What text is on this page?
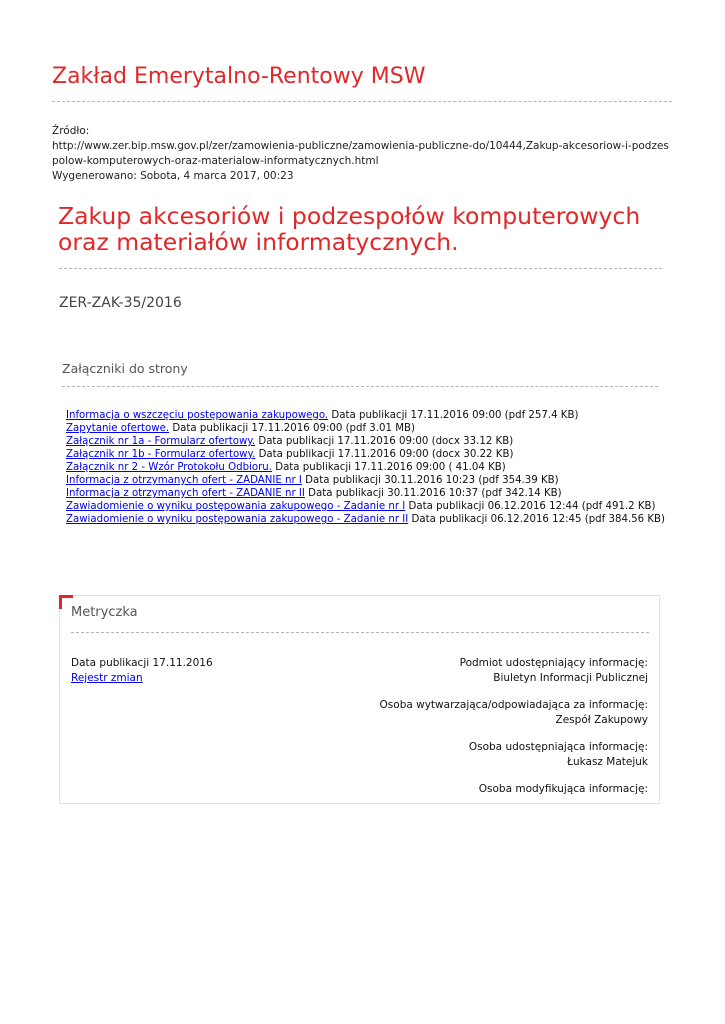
Zakład Emerytalno-Rentowy MSW
Źródło:
http://www.zer.bip.msw.gov.pl/zer/zamowienia-publiczne/zamowienia-publiczne-do/10444,Zakup-akcesoriow-i-podzes
polow-komputerowych-oraz-materialow-informatycznych.html
Wygenerowano: Sobota, 4 marca 2017, 00:23
Zakup akcesoriów i podzespołów komputerowych oraz materiałów informatycznych.
ZER-ZAK-35/2016
Załączniki do strony

Informacja o wszczęciu postępowania zakupowego. Data publikacji 17.11.2016 09:00 (pdf 257.4 KB)

Zapytanie ofertowe. Data publikacji 17.11.2016 09:00 (pdf 3.01 MB)

Załącznik nr 1a - Formularz ofertowy. Data publikacji 17.11.2016 09:00 (docx 33.12 KB)

Załącznik nr 1b - Formularz ofertowy. Data publikacji 17.11.2016 09:00 (docx 30.22 KB)

Załącznik nr 2 - Wzór Protokołu Odbioru. Data publikacji 17.11.2016 09:00 ( 41.04 KB)

Informacja z otrzymanych ofert - ZADANIE nr I Data publikacji 30.11.2016 10:23 (pdf 354.39 KB)

Informacja z otrzymanych ofert - ZADANIE nr II Data publikacji 30.11.2016 10:37 (pdf 342.14 KB)

Zawiadomienie o wyniku postępowania zakupowego - Zadanie nr I Data publikacji 06.12.2016 12:44 (pdf 491.2 KB)

Zawiadomienie o wyniku postępowania zakupowego - Zadanie nr II Data publikacji 06.12.2016 12:45 (pdf 384.56 KB)

Metryczka
Data publikacji 17.11.2016
Rejestr zmian
Podmiot udostępniający informację:
Biuletyn Informacji Publicznej
Osoba wytwarzająca/odpowiadająca za informację:
Zespół Zakupowy
Osoba udostępniająca informację:
Łukasz Matejuk
Osoba modyfikująca informację:
